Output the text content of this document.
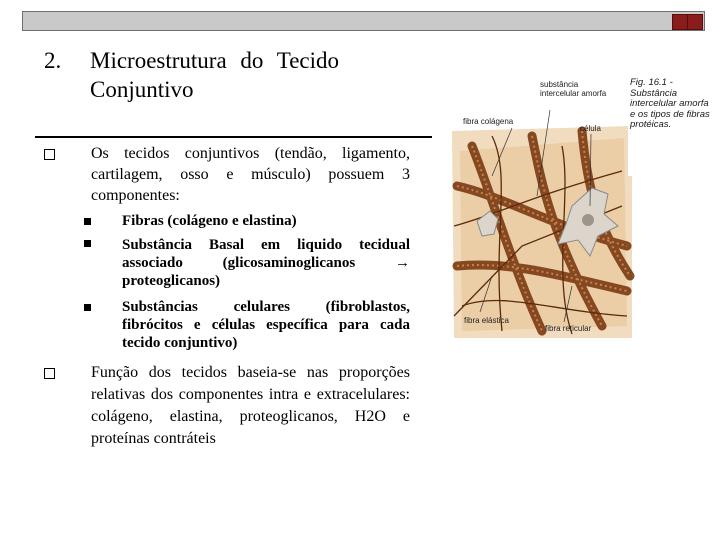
2. Microestrutura do Tecido
Conjuntivo
Os tecidos conjuntivos (tendão, ligamento, cartilagem, osso e músculo) possuem 3 componentes:
Fibras (colágeno e elastina)
Substância Basal em liquido tecidual associado (glicosaminoglicanos → proteoglicanos)
Substâncias celulares (fibroblastos, fibrócitos e células específica para cada tecido conjuntivo)
Função dos tecidos baseia-se nas proporções relativas dos componentes intra e extracelulares: colágeno, elastina, proteoglicanos, H2O e proteínas contráteis
substância intercelular amorfa
fibra colágena
célula
fibra elástica
fibra reticular
Fig. 16.1 - Substância intercelular amorfa e os tipos de fibras protéicas.
